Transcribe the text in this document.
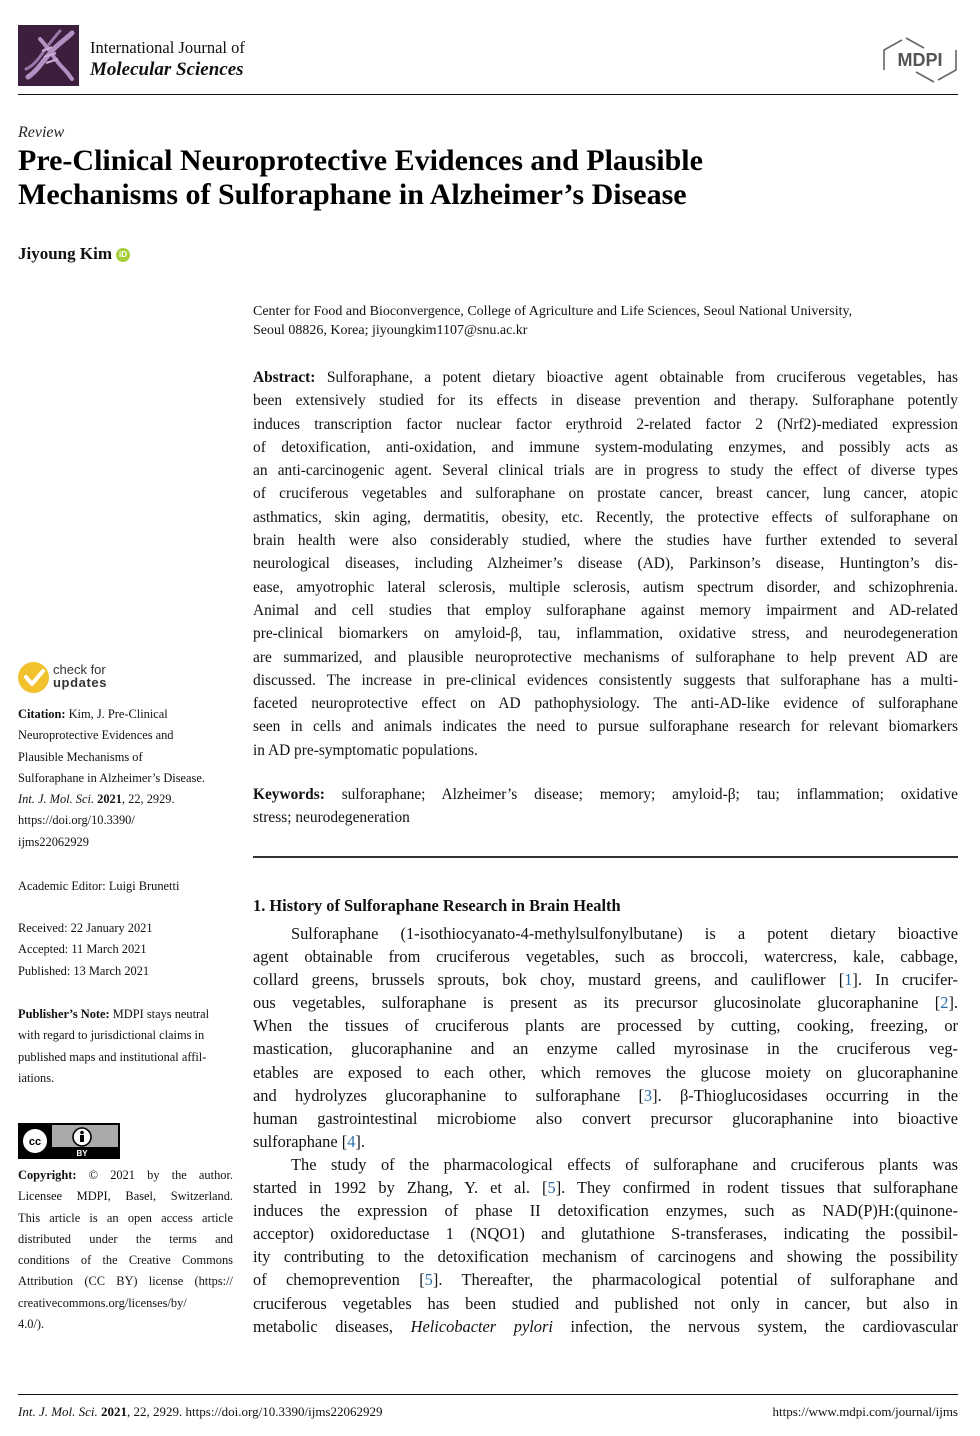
International Journal of
Molecular Sciences	MDPI
Review
Pre-Clinical Neuroprotective Evidences and Plausible
Mechanisms of Sulforaphane in Alzheimer’s Disease
Jiyoung Kim iD
Center for Food and Bioconvergence, College of Agriculture and Life Sciences, Seoul National University,
Seoul 08826, Korea; jiyoungkim1107@snu.ac.kr
Abstract: Sulforaphane, a potent dietary bioactive agent obtainable from cruciferous vegetables, has
been extensively studied for its effects in disease prevention and therapy. Sulforaphane potently
induces transcription factor nuclear factor erythroid 2-related factor 2 (Nrf2)-mediated expression
of detoxification, anti-oxidation, and immune system-modulating enzymes, and possibly acts as
an anti-carcinogenic agent. Several clinical trials are in progress to study the effect of diverse types
of cruciferous vegetables and sulforaphane on prostate cancer, breast cancer, lung cancer, atopic
asthmatics, skin aging, dermatitis, obesity, etc. Recently, the protective effects of sulforaphane on
brain health were also considerably studied, where the studies have further extended to several
neurological diseases, including Alzheimer’s disease (AD), Parkinson’s disease, Huntington’s dis-
ease, amyotrophic lateral sclerosis, multiple sclerosis, autism spectrum disorder, and schizophrenia.
Animal and cell studies that employ sulforaphane against memory impairment and AD-related
pre-clinical biomarkers on amyloid-β, tau, inflammation, oxidative stress, and neurodegeneration
are summarized, and plausible neuroprotective mechanisms of sulforaphane to help prevent AD are
discussed. The increase in pre-clinical evidences consistently suggests that sulforaphane has a multi-
faceted neuroprotective effect on AD pathophysiology. The anti-AD-like evidence of sulforaphane
seen in cells and animals indicates the need to pursue sulforaphane research for relevant biomarkers
in AD pre-symptomatic populations.
Keywords: sulforaphane; Alzheimer’s disease; memory; amyloid-β; tau; inflammation; oxidative
stress; neurodegeneration
1. History of Sulforaphane Research in Brain Health
Sulforaphane (1-isothiocyanato-4-methylsulfonylbutane) is a potent dietary bioactive
agent obtainable from cruciferous vegetables, such as broccoli, watercress, kale, cabbage,
collard greens, brussels sprouts, bok choy, mustard greens, and cauliflower [1]. In crucifer-
ous vegetables, sulforaphane is present as its precursor glucosinolate glucoraphanine [2].
When the tissues of cruciferous plants are processed by cutting, cooking, freezing, or
mastication, glucoraphanine and an enzyme called myrosinase in the cruciferous veg-
etables are exposed to each other, which removes the glucose moiety on glucoraphanine
and hydrolyzes glucoraphanine to sulforaphane [3]. β-Thioglucosidases occurring in the
human gastrointestinal microbiome also convert precursor glucoraphanine into bioactive
sulforaphane [4].
The study of the pharmacological effects of sulforaphane and cruciferous plants was
started in 1992 by Zhang, Y. et al. [5]. They confirmed in rodent tissues that sulforaphane
induces the expression of phase II detoxification enzymes, such as NAD(P)H:(quinone-
acceptor) oxidoreductase 1 (NQO1) and glutathione S-transferases, indicating the possibil-
ity contributing to the detoxification mechanism of carcinogens and showing the possibility
of chemoprevention [5]. Thereafter, the pharmacological potential of sulforaphane and
cruciferous vegetables has been studied and published not only in cancer, but also in
metabolic diseases, Helicobacter pylori infection, the nervous system, the cardiovascular
check for
updates
Citation: Kim, J. Pre-Clinical
Neuroprotective Evidences and
Plausible Mechanisms of
Sulforaphane in Alzheimer’s Disease.
Int. J. Mol. Sci. 2021, 22, 2929.
https://doi.org/10.3390/
ijms22062929
Academic Editor: Luigi Brunetti
Received: 22 January 2021
Accepted: 11 March 2021
Published: 13 March 2021
Publisher’s Note: MDPI stays neutral
with regard to jurisdictional claims in
published maps and institutional affil-
iations.
cc
BY
Copyright: © 2021 by the author.
Licensee MDPI, Basel, Switzerland.
This article is an open access article
distributed under the terms and
conditions of the Creative Commons
Attribution (CC BY) license (https://
creativecommons.org/licenses/by/
4.0/).
Int. J. Mol. Sci. 2021, 22, 2929. https://doi.org/10.3390/ijms22062929	https://www.mdpi.com/journal/ijms
